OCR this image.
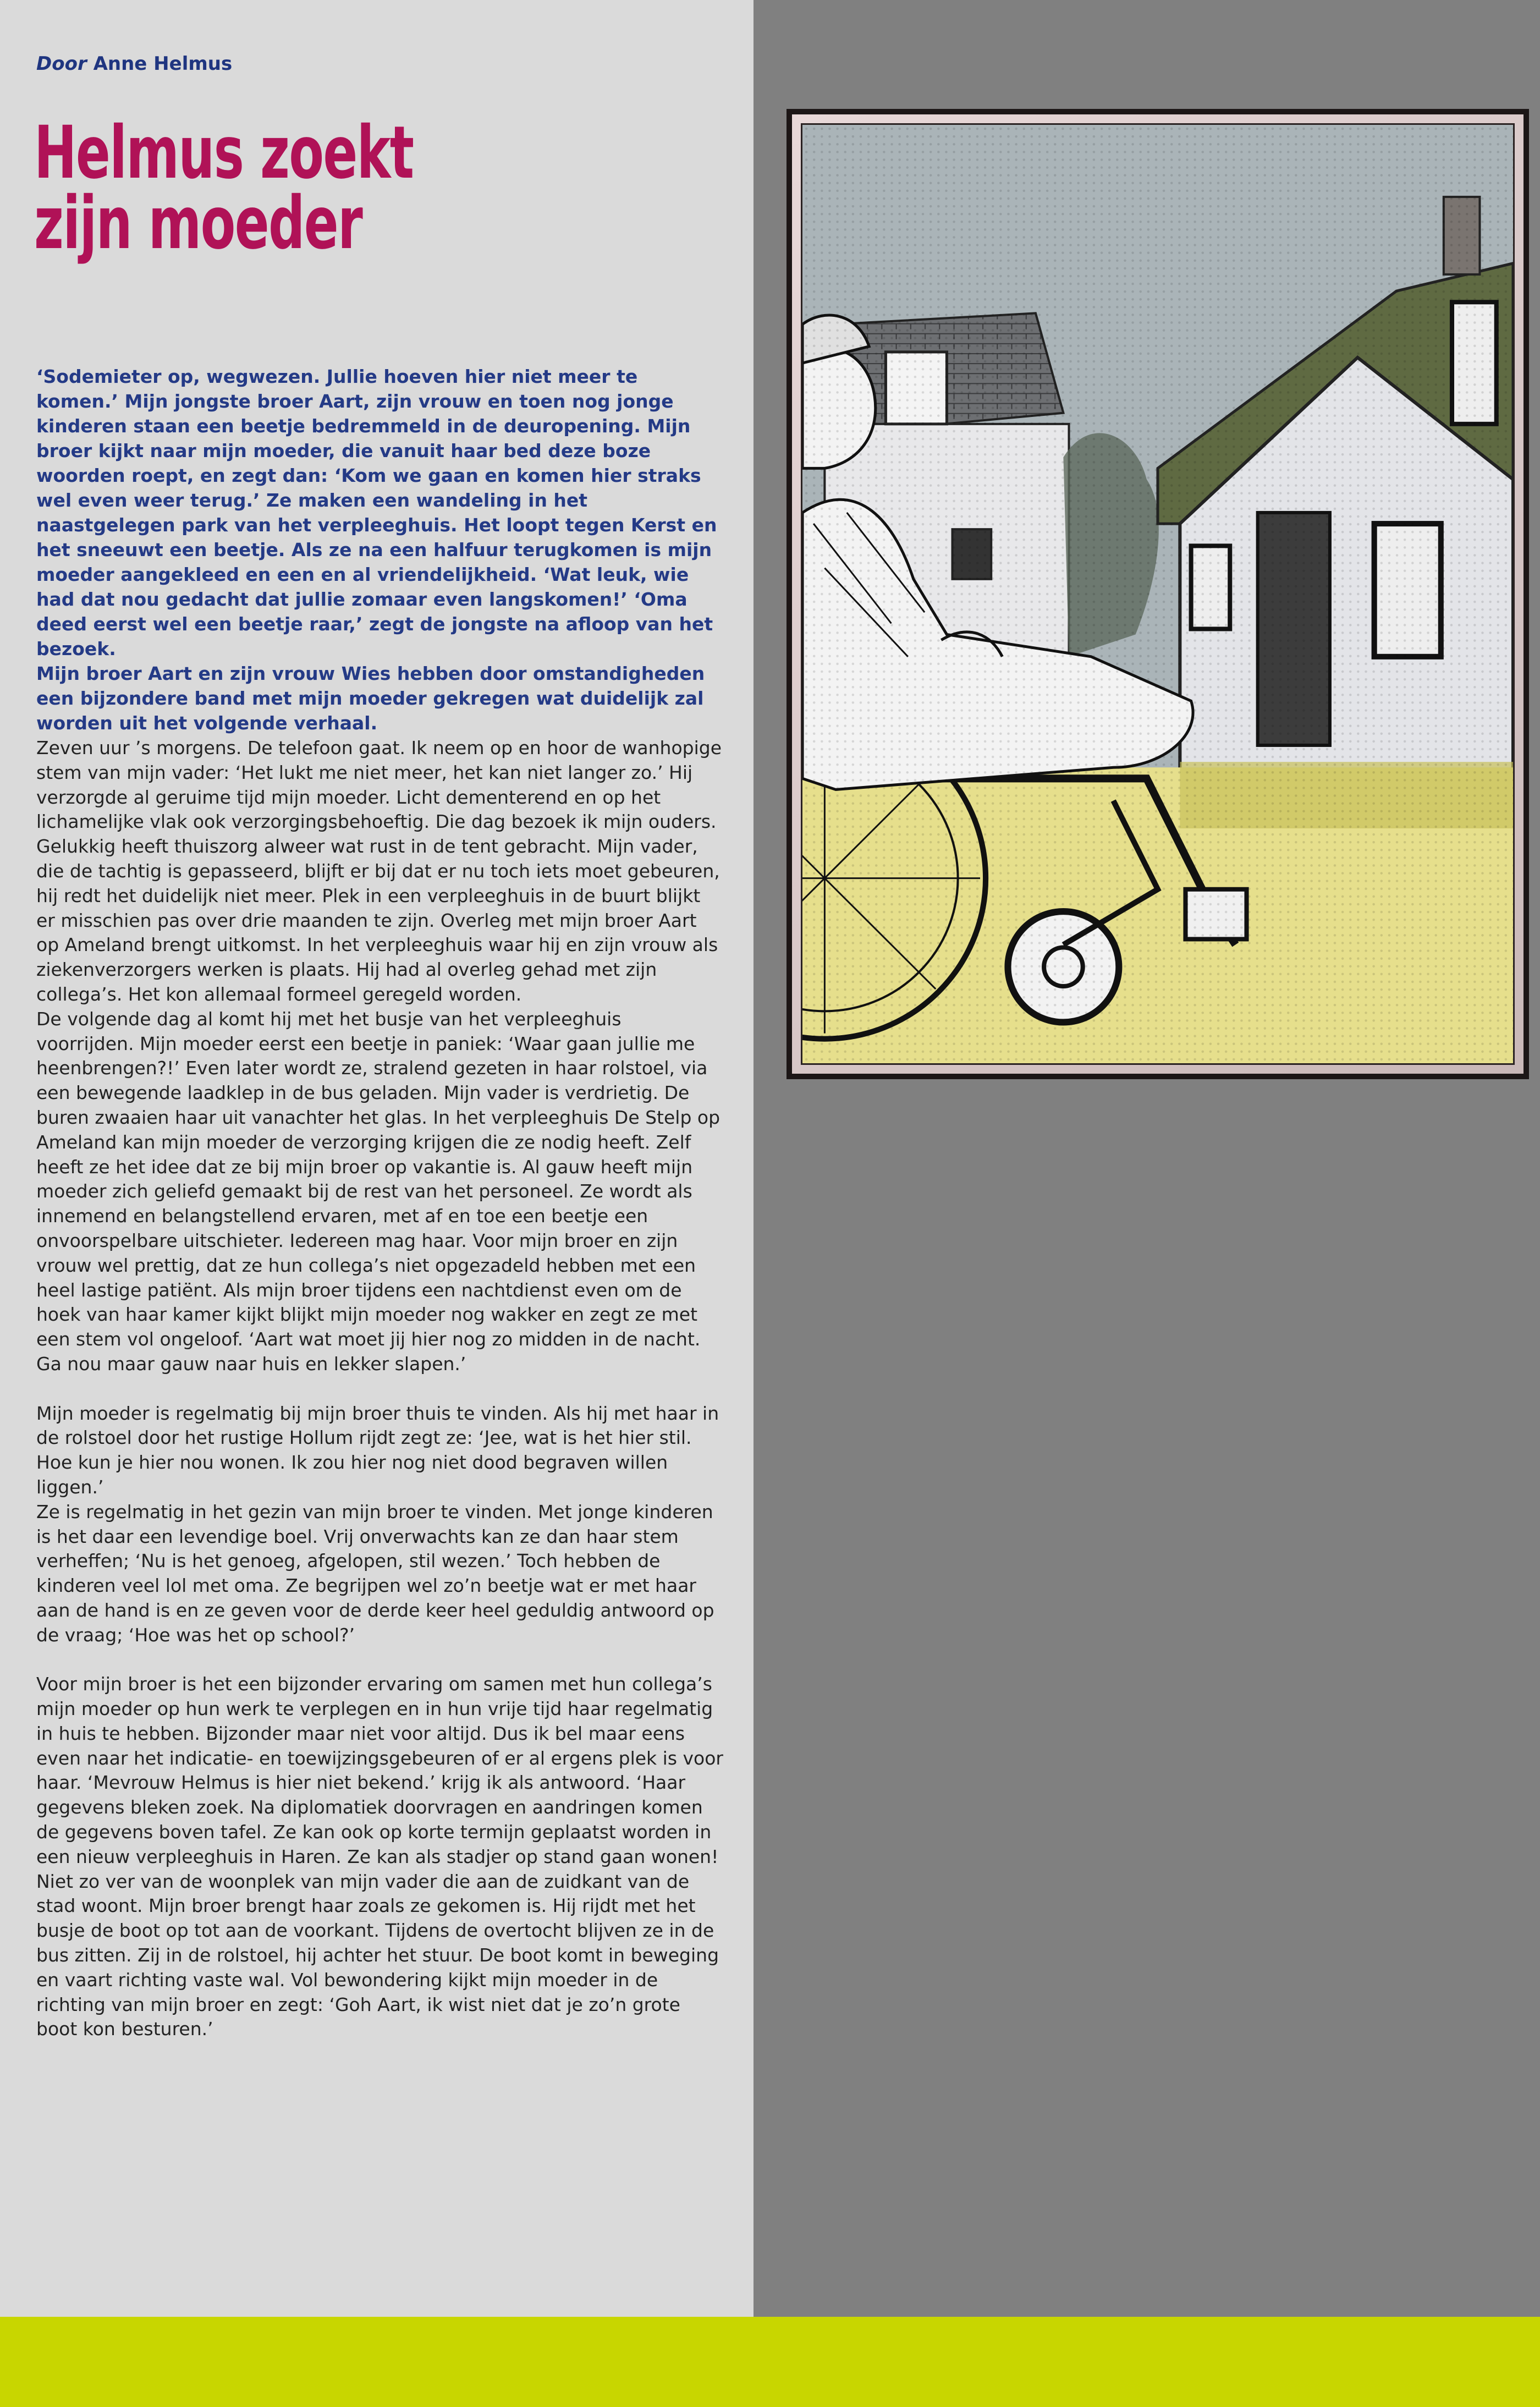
Door Anne Helmus
Helmus zoekt
zijn moeder

‘Sodemieter op, wegwezen. Jullie hoeven hier niet meer te komen.’ Mijn jongste broer Aart, zijn vrouw en toen nog jonge kinderen staan een beetje bedremmeld in de deuropening. Mijn broer kijkt naar mijn moeder, die vanuit haar bed deze boze woorden roept, en zegt dan: ‘Kom we gaan en komen hier straks wel even weer terug.’ Ze maken een wandeling in het naastgelegen park van het verpleeghuis. Het loopt tegen Kerst en het sneeuwt een beetje. Als ze na een halfuur terugkomen is mijn moeder aangekleed en een en al vriendelijkheid. ‘Wat leuk, wie had dat nou gedacht dat jullie zomaar even langskomen!’ ‘Oma deed eerst wel een beetje raar,’ zegt de jongste na afloop van het bezoek.

Mijn broer Aart en zijn vrouw Wies hebben door omstandigheden een bijzondere band met mijn moeder gekregen wat duidelijk zal worden uit het volgende verhaal.

Zeven uur ’s morgens. De telefoon gaat. Ik neem op en hoor de wanhopige stem van mijn vader: ‘Het lukt me niet meer, het kan niet langer zo.’ Hij verzorgde al geruime tijd mijn moeder. Licht dementerend en op het lichamelijke vlak ook verzorgingsbehoeftig. Die dag bezoek ik mijn ouders. Gelukkig heeft thuiszorg alweer wat rust in de tent gebracht. Mijn vader, die de tachtig is gepasseerd, blijft er bij dat er nu toch iets moet gebeuren, hij redt het duidelijk niet meer. Plek in een verpleeghuis in de buurt blijkt er misschien pas over drie maanden te zijn. Overleg met mijn broer Aart op Ameland brengt uitkomst. In het verpleeghuis waar hij en zijn vrouw als ziekenverzorgers werken is plaats. Hij had al overleg gehad met zijn collega’s. Het kon allemaal formeel geregeld worden.

De volgende dag al komt hij met het busje van het verpleeghuis voorrijden. Mijn moeder eerst een beetje in paniek: ‘Waar gaan jullie me heenbrengen?!’ Even later wordt ze, stralend gezeten in haar rolstoel, via een bewegende laadklep in de bus geladen. Mijn vader is verdrietig. De buren zwaaien haar uit vanachter het glas. In het verpleeghuis De Stelp op Ameland kan mijn moeder de verzorging krijgen die ze nodig heeft. Zelf heeft ze het idee dat ze bij mijn broer op vakantie is. Al gauw heeft mijn moeder zich geliefd gemaakt bij de rest van het personeel. Ze wordt als innemend en belangstellend ervaren, met af en toe een beetje een onvoorspelbare uitschieter. Iedereen mag haar. Voor mijn broer en zijn vrouw wel prettig, dat ze hun collega’s niet opgezadeld hebben met een heel lastige patiënt. Als mijn broer tijdens een nachtdienst even om de hoek van haar kamer kijkt blijkt mijn moeder nog wakker en zegt ze met een stem vol ongeloof. ‘Aart wat moet jij hier nog zo midden in de nacht. Ga nou maar gauw naar huis en lekker slapen.’

Mijn moeder is regelmatig bij mijn broer thuis te vinden. Als hij met haar in de rolstoel door het rustige Hollum rijdt zegt ze: ‘Jee, wat is het hier stil. Hoe kun je hier nou wonen. Ik zou hier nog niet dood begraven willen liggen.’

Ze is regelmatig in het gezin van mijn broer te vinden. Met jonge kinderen is het daar een levendige boel. Vrij onverwachts kan ze dan haar stem verheffen; ‘Nu is het genoeg, afgelopen, stil wezen.’ Toch hebben de kinderen veel lol met oma. Ze begrijpen wel zo’n beetje wat er met haar aan de hand is en ze geven voor de derde keer heel geduldig antwoord op de vraag; ‘Hoe was het op school?’

Voor mijn broer is het een bijzonder ervaring om samen met hun collega’s mijn moeder op hun werk te verplegen en in hun vrije tijd haar regelmatig in huis te hebben. Bijzonder maar niet voor altijd. Dus ik bel maar eens even naar het indicatie- en toewijzingsgebeuren of er al ergens plek is voor haar. ‘Mevrouw Helmus is hier niet bekend.’ krijg ik als antwoord. ‘Haar gegevens bleken zoek. Na diplomatiek doorvragen en aandringen komen de gegevens boven tafel. Ze kan ook op korte termijn geplaatst worden in een nieuw verpleeghuis in Haren. Ze kan als stadjer op stand gaan wonen! Niet zo ver van de woonplek van mijn vader die aan de zuidkant van de stad woont. Mijn broer brengt haar zoals ze gekomen is. Hij rijdt met het busje de boot op tot aan de voorkant. Tijdens de overtocht blijven ze in de bus zitten. Zij in de rolstoel, hij achter het stuur. De boot komt in beweging en vaart richting vaste wal. Vol bewondering kijkt mijn moeder in de richting van mijn broer en zegt: ‘Goh Aart, ik wist niet dat je zo’n grote boot kon besturen.’
